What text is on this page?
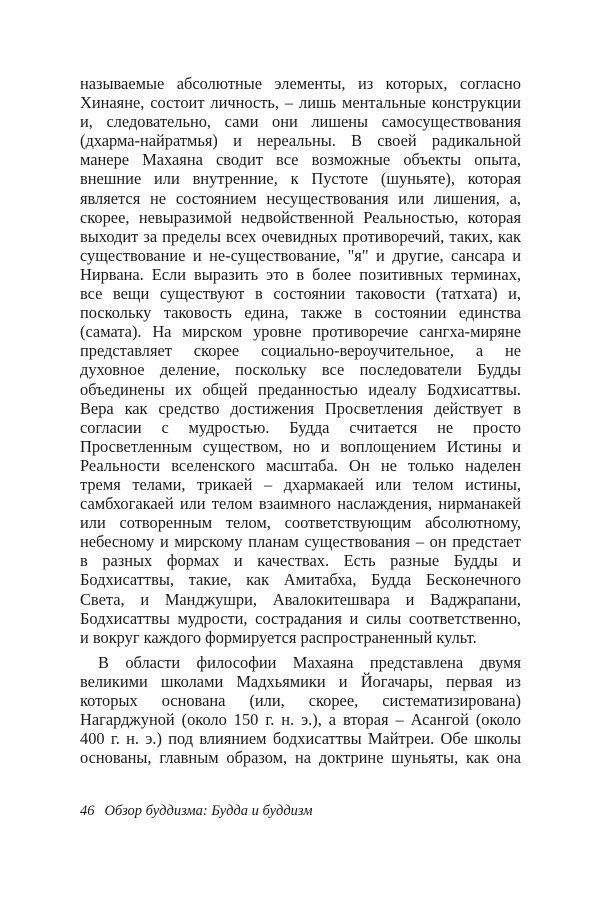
называемые абсолютные элементы, из которых, согласно
Хинаяне, состоит личность, – лишь ментальные конструкции
и, следовательно, сами они лишены самосуществования
(дхарма-найратмья) и нереальны. В своей радикальной
манере Махаяна сводит все возможные объекты опыта,
внешние или внутренние, к Пустоте (шуньяте), которая
является не состоянием несуществования или лишения, а,
скорее, невыразимой недвойственной Реальностью, которая
выходит за пределы всех очевидных противоречий, таких, как
существование и не-существование, "я" и другие, сансара и
Нирвана. Если выразить это в более позитивных терминах,
все вещи существуют в состоянии таковости (татхата) и,
поскольку таковость едина, также в состоянии единства
(самата). На мирском уровне противоречие сангха-миряне
представляет скорее социально-вероучительное, а не
духовное деление, поскольку все последователи Будды
объединены их общей преданностью идеалу Бодхисаттвы.
Вера как средство достижения Просветления действует в
согласии с мудростью. Будда считается не просто
Просветленным существом, но и воплощением Истины и
Реальности вселенского масштаба. Он не только наделен
тремя телами, трикаей – дхармакаей или телом истины,
самбхогакаей или телом взаимного наслаждения, нирманакей
или сотворенным телом, соответствующим абсолютному,
небесному и мирскому планам существования – он предстает
в разных формах и качествах. Есть разные Будды и
Бодхисаттвы, такие, как Амитабха, Будда Бесконечного
Света, и Манджушри, Авалокитешвара и Ваджрапани,
Бодхисаттвы мудрости, сострадания и силы соответственно,
и вокруг каждого формируется распространенный культ.
В области философии Махаяна представлена двумя
великими школами Мадхьямики и Йогачары, первая из
которых основана (или, скорее, систематизирована)
Нагарджуной (около 150 г. н. э.), а вторая – Асангой (около
400 г. н. э.) под влиянием бодхисаттвы Майтреи. Обе школы
основаны, главным образом, на доктрине шуньяты, как она
46 Обзор буддизма: Будда и буддизм
